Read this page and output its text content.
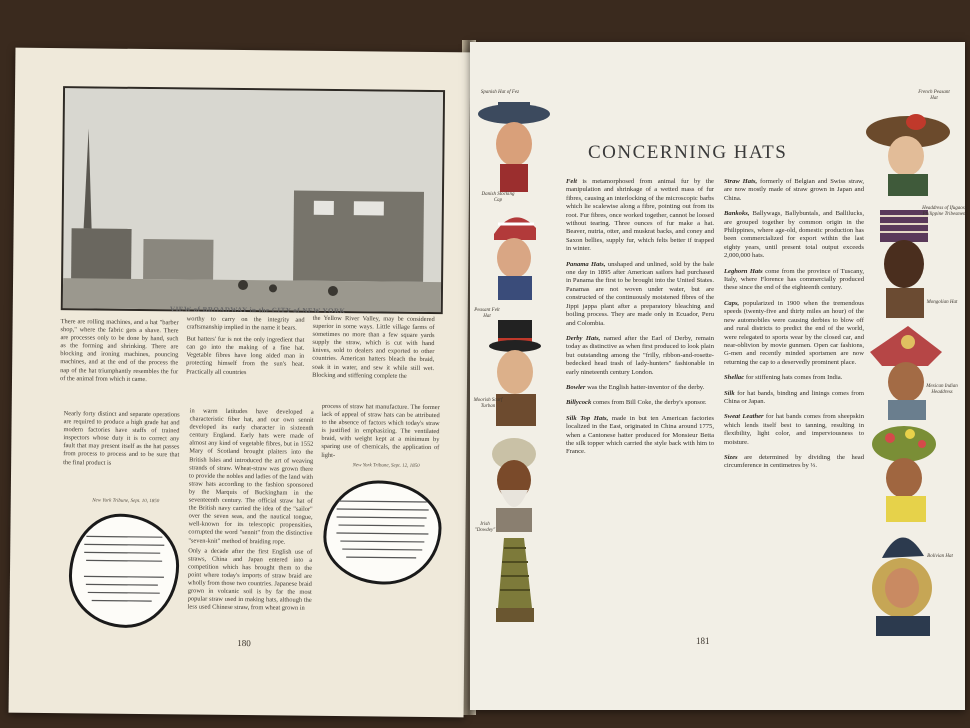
VIEW of BROADWAY in the CITY of NEW YORK
There are rolling machines, and a hat "barber shop," where the fabric gets a shave. There are processes only to be done by hand, such as the forming and shrinking. There are blocking and ironing machines, pouncing machines, and at the end of the process the nap of the hat triumphantly resembles the fur of the animal from which it came.
worthy to carry on the integrity and craftsmanship implied in the name it bears.
But hatters' fur is not the only ingredient that can go into the making of a fine hat. Vegetable fibres have long aided man in protecting himself from the sun's heat. Practically all countries
the Yellow River Valley, may be considered superior in some ways. Little village farms of sometimes no more than a few square yards supply the straw, which is cut with hand knives, sold to dealers and exported to other countries. American hatters bleach the braid, soak it in water, and sew it while still wet. Blocking and stiffening complete the
Nearly forty distinct and separate operations are required to produce a high grade hat and modern factories have staffs of trained inspectors whose duty it is to correct any fault that may present itself as the hat passes from process to process and to be sure that the final product is
New York Tribune, Sept. 10, 1850
in warm latitudes have developed a characteristic fiber hat, and our own sennit developed its early character in sixteenth century England. Early hats were made of almost any kind of vegetable fibres, but in 1552 Mary of Scotland brought plaiters into the British Isles and introduced the art of weaving strands of straw. Wheat-straw was grown there to provide the nobles and ladies of the land with straw hats according to the fashion sponsored by the Marquis of Buckingham in the seventeenth century. The official straw hat of the British navy carried the idea of the "sailor" over the seven seas, and the nautical tongue, well-known for its telescopic propensities, corrupted the word "sennit" from the distinctive "seven-knit" method of braiding rope.
Only a decade after the first English use of straws, China and Japan entered into a competition which has brought them to the point where today's imports of straw braid are wholly from those two countries. Japanese braid grown in volcanic soil is by far the most popular straw used in making hats, although the less used Chinese straw, from wheat grown in
process of straw hat manufacture. The former lack of appeal of straw hats can be attributed to the absence of factors which today's straw is justified in emphasizing. The ventilated braid, with weight kept at a minimum by sparing use of chemicals, the application of light-
New York Tribune, Sept. 12, 1850
180
CONCERNING HATS

Felt is metamorphosed from animal fur by the manipulation and shrinkage of a wetted mass of fur fibres, causing an interlocking of the microscopic barbs which lie scalewise along a fibre, pointing out from its root. Fur fibres, once worked together, cannot be loosed without tearing. Three ounces of fur make a hat. Beaver, nutria, otter, and muskrat backs, and coney and Saxon bellies, supply fur, which felts better if trapped in winter.

Panama Hats, unshaped and unlined, sold by the bale one day in 1895 after American sailors had purchased in Panama the first to be brought into the United States. Panamas are not woven under water, but are constructed of the continuously moistened fibres of the Jippi jappa plant after a preparatory bleaching and boiling process. They are made only in Ecuador, Peru and Colombia.

Derby Hats, named after the Earl of Derby, remain today as distinctive as when first produced to look plain but outstanding among the "frilly, ribbon-and-rosette-bedecked head trash of lady-hunters" fashionable in early nineteenth century London.

Bowler was the English hatter-inventor of the derby.

Billycock comes from Bill Coke, the derby's sponsor.

Silk Top Hats, made in but ten American factories localized in the East, originated in China around 1775, when a Cantonese hatter produced for Monsieur Betta the silk topper which carried the style back with him to France.

Straw Hats, formerly of Belgian and Swiss straw, are now mostly made of straw grown in Japan and China.

Bankoks, Ballywags, Ballybuntals, and Ballilucks, are grouped together by common origin in the Philippines, where age-old, domestic production has been commercialized for export within the last eighty years, until present total output exceeds 2,000,000 hats.

Leghorn Hats come from the province of Tuscany, Italy, where Florence has commercially produced these since the end of the eighteenth century.

Caps, popularized in 1900 when the tremendous speeds (twenty-five and thirty miles an hour) of the new automobiles were causing derbies to blow off and rural districts to predict the end of the world, were relegated to sports wear by the closed car, and near-oblivion by movie gunmen. Open car fashions, G-men and recently minded sportsmen are now returning the cap to a deservedly prominent place.

Shellac for stiffening hats comes from India.

Silk for hat bands, binding and linings comes from China or Japan.

Sweat Leather for hat bands comes from sheepskin which lends itself best to tanning, resulting in flexibility, light color, and imperviousness to moisture.

Sizes are determined by dividing the head circumference in centimetres by ⅓.

Spanish Hat of Fez
Danish Stocking Cap
Peasant Felt Hat
Moorish Scarf Turban
Irish "Dowdey"
French Peasant Hat
Headdress of Ifugaos, Philippine Tribesmen
Mongolian Hat
Mexican Indian Headdress
Bolivian Hat
181
